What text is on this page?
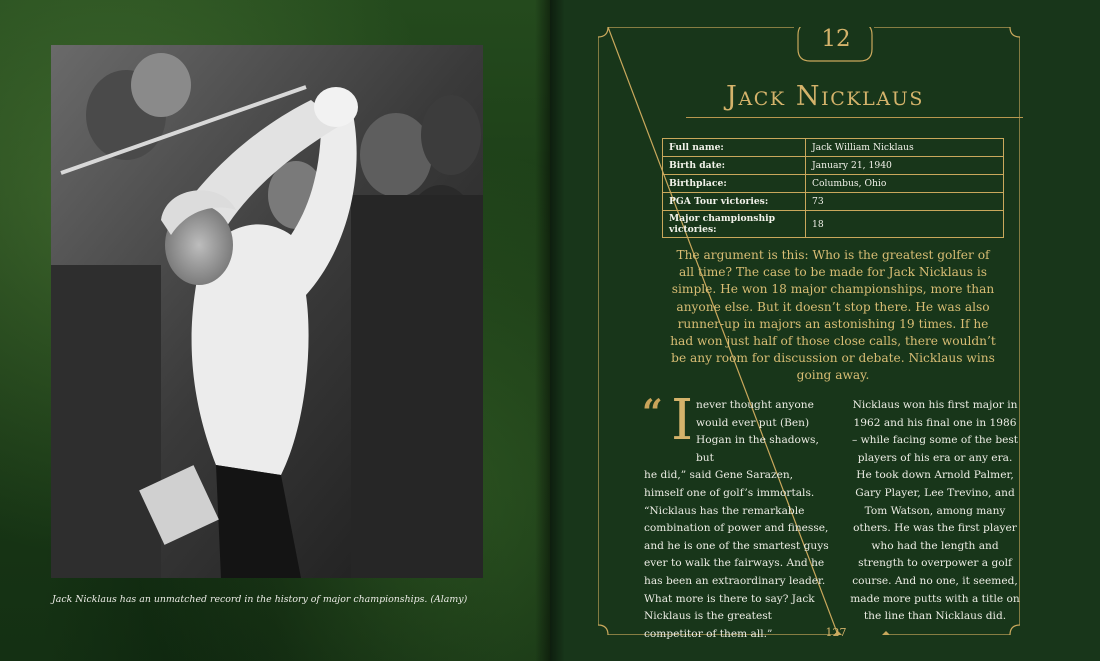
Jack Nicklaus has an unmatched record in the history of major championships. (Alamy)
12
Jack Nicklaus
Full name:	Jack William Nicklaus
Birth date:	January 21, 1940
Birthplace:	Columbus, Ohio
PGA Tour victories:	73
Major championship victories:	18
The argument is this: Who is the greatest golfer of all time? The case to be made for Jack Nicklaus is simple. He won 18 major championships, more than anyone else. But it doesn’t stop there. He was also runner-up in majors an astonishing 19 times. If he had won just half of those close calls, there wouldn’t be any room for discussion or debate. Nicklaus wins going away.
“ I never thought anyone
would ever put (Ben)
Hogan in the shadows, but
he did,” said Gene Sarazen, himself one of golf’s immortals. “Nicklaus has the remarkable combination of power and finesse, and he is one of the smartest guys ever to walk the fairways. And he has been an extraordinary leader. What more is there to say? Jack Nicklaus is the greatest competitor of them all.”
Nicklaus won his first major in 1962 and his final one in 1986 – while facing some of the best players of his era or any era. He took down Arnold Palmer, Gary Player, Lee Trevino, and Tom Watson, among many others. He was the first player who had the length and strength to overpower a golf course. And no one, it seemed, made more putts with a title on the line than Nicklaus did.
127
